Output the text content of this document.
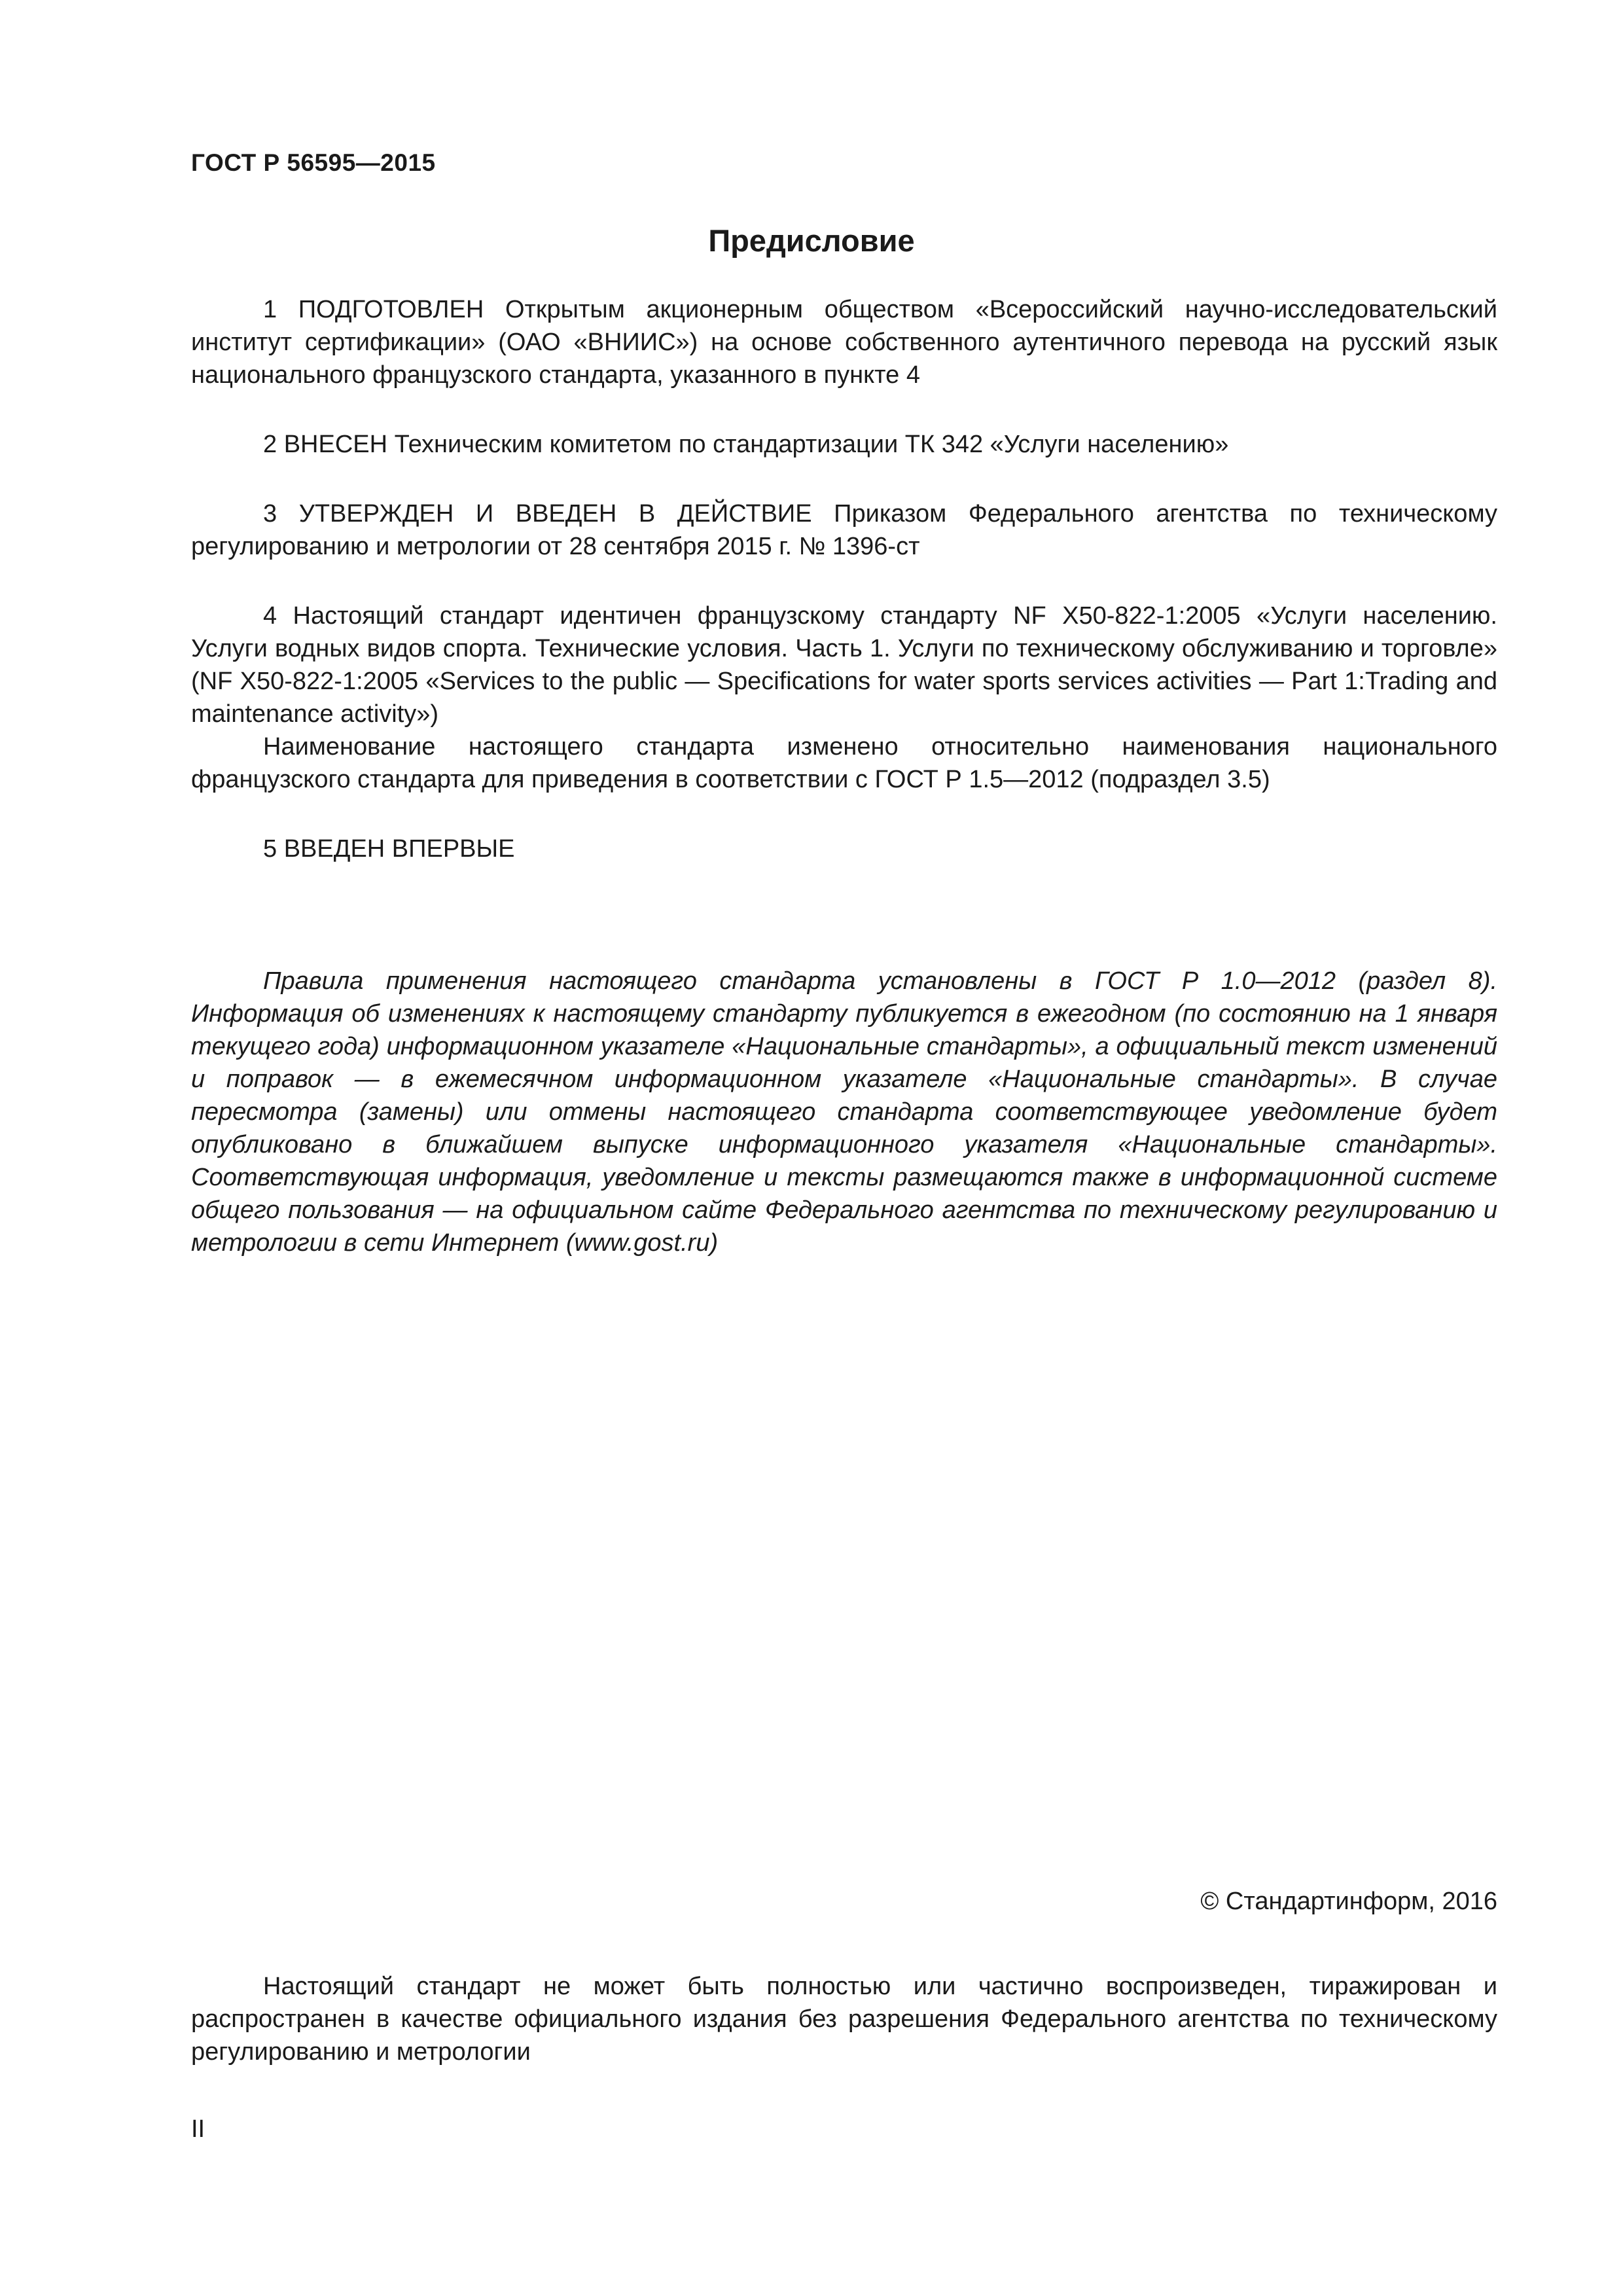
ГОСТ Р 56595—2015
Предисловие

1 ПОДГОТОВЛЕН Открытым акционерным обществом «Всероссийский научно-исследовательский институт сертификации» (ОАО «ВНИИС») на основе собственного аутентичного перевода на русский язык национального французского стандарта, указанного в пункте 4

2 ВНЕСЕН Техническим комитетом по стандартизации ТК 342 «Услуги населению»

3 УТВЕРЖДЕН И ВВЕДЕН В ДЕЙСТВИЕ Приказом Федерального агентства по техническому регулированию и метрологии от 28 сентября 2015 г. № 1396-ст

4 Настоящий стандарт идентичен французскому стандарту NF X50-822-1:2005 «Услуги населению. Услуги водных видов спорта. Технические условия. Часть 1. Услуги по техническому обслуживанию и торговле» (NF X50-822-1:2005 «Services to the public — Specifications for water sports services activities — Part 1:Trading and maintenance activity»)

Наименование настоящего стандарта изменено относительно наименования национального французского стандарта для приведения в соответствии с ГОСТ Р 1.5—2012 (подраздел 3.5)

5 ВВЕДЕН ВПЕРВЫЕ

Правила применения настоящего стандарта установлены в ГОСТ Р 1.0—2012 (раздел 8). Информация об изменениях к настоящему стандарту публикуется в ежегодном (по состоянию на 1 января текущего года) информационном указателе «Национальные стандарты», а официальный текст изменений и поправок — в ежемесячном информационном указателе «Национальные стандарты». В случае пересмотра (замены) или отмены настоящего стандарта соответствующее уведомление будет опубликовано в ближайшем выпуске информационного указателя «Национальные стандарты». Соответствующая информация, уведомление и тексты размещаются также в информационной системе общего пользования — на официальном сайте Федерального агентства по техническому регулированию и метрологии в сети Интернет (www.gost.ru)

© Стандартинформ, 2016

Настоящий стандарт не может быть полностью или частично воспроизведен, тиражирован и распространен в качестве официального издания без разрешения Федерального агентства по техническому регулированию и метрологии

II
